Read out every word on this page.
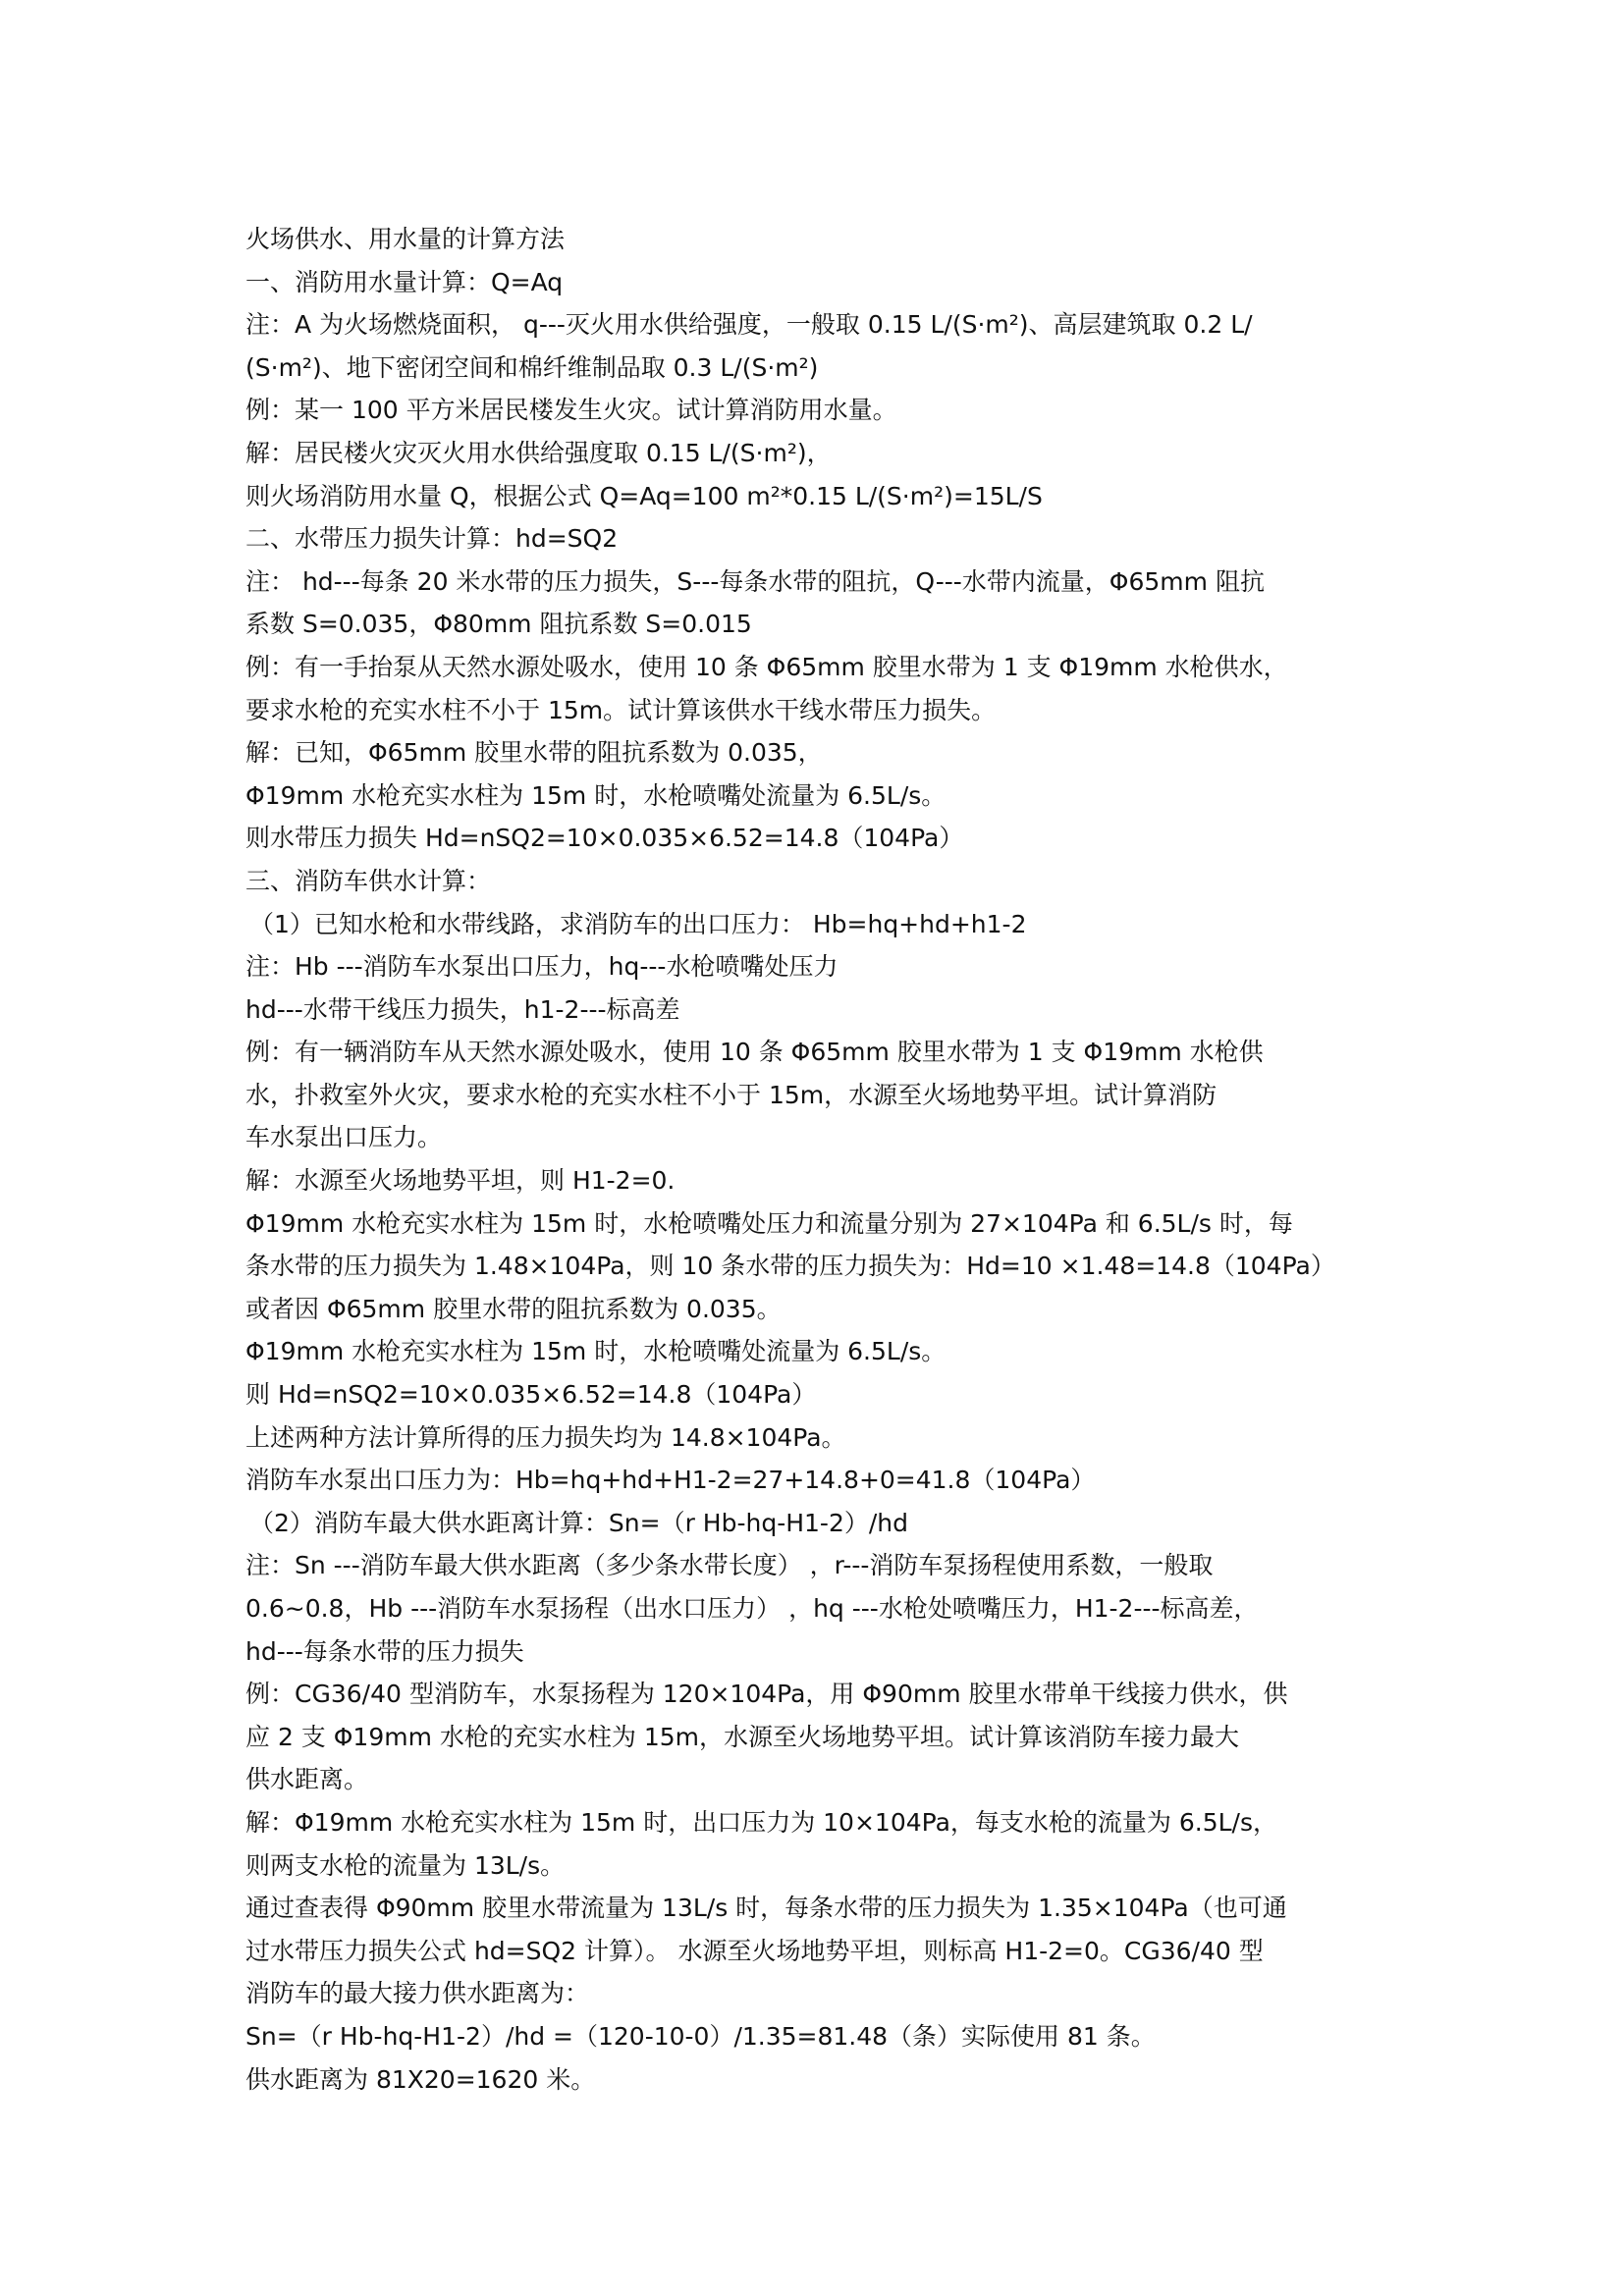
火场供水、用水量的计算方法
一、消防用水量计算：Q=Aq
注：A 为火场燃烧面积， q---灭火用水供给强度，一般取 0.15 L/(S·m²)、高层建筑取 0.2 L/
(S·m²)、地下密闭空间和棉纤维制品取 0.3 L/(S·m²)
例：某一 100 平方米居民楼发生火灾。试计算消防用水量。
解：居民楼火灾灭火用水供给强度取 0.15 L/(S·m²)，
则火场消防用水量 Q，根据公式 Q=Aq=100 m²*0.15 L/(S·m²)=15L/S
二、水带压力损失计算：hd=SQ2
注： hd---每条 20 米水带的压力损失，S---每条水带的阻抗，Q---水带内流量，Φ65mm 阻抗
系数 S=0.035，Φ80mm 阻抗系数 S=0.015
例：有一手抬泵从天然水源处吸水，使用 10 条 Φ65mm 胶里水带为 1 支 Φ19mm 水枪供水，
要求水枪的充实水柱不小于 15m。试计算该供水干线水带压力损失。
解：已知，Φ65mm 胶里水带的阻抗系数为 0.035，
Φ19mm 水枪充实水柱为 15m 时，水枪喷嘴处流量为 6.5L/s。
则水带压力损失 Hd=nSQ2=10×0.035×6.52=14.8（104Pa）
三、消防车供水计算：
（1）已知水枪和水带线路，求消防车的出口压力： Hb=hq+hd+h1-2
注：Hb ---消防车水泵出口压力，hq---水枪喷嘴处压力
hd---水带干线压力损失，h1-2---标高差
例：有一辆消防车从天然水源处吸水，使用 10 条 Φ65mm 胶里水带为 1 支 Φ19mm 水枪供
水，扑救室外火灾，要求水枪的充实水柱不小于 15m，水源至火场地势平坦。试计算消防
车水泵出口压力。
解：水源至火场地势平坦，则 H1-2=0.
Φ19mm 水枪充实水柱为 15m 时，水枪喷嘴处压力和流量分别为 27×104Pa 和 6.5L/s 时，每
条水带的压力损失为 1.48×104Pa，则 10 条水带的压力损失为：Hd=10 ×1.48=14.8（104Pa）
或者因 Φ65mm 胶里水带的阻抗系数为 0.035。
Φ19mm 水枪充实水柱为 15m 时，水枪喷嘴处流量为 6.5L/s。
则 Hd=nSQ2=10×0.035×6.52=14.8（104Pa）
上述两种方法计算所得的压力损失均为 14.8×104Pa。
消防车水泵出口压力为：Hb=hq+hd+H1-2=27+14.8+0=41.8（104Pa）
（2）消防车最大供水距离计算：Sn=（r Hb-hq-H1-2）/hd
注：Sn ---消防车最大供水距离（多少条水带长度） ，r---消防车泵扬程使用系数，一般取
0.6~0.8，Hb ---消防车水泵扬程（出水口压力） ，hq ---水枪处喷嘴压力，H1-2---标高差，
hd---每条水带的压力损失
例：CG36/40 型消防车，水泵扬程为 120×104Pa，用 Φ90mm 胶里水带单干线接力供水，供
应 2 支 Φ19mm 水枪的充实水柱为 15m，水源至火场地势平坦。试计算该消防车接力最大
供水距离。
解：Φ19mm 水枪充实水柱为 15m 时，出口压力为 10×104Pa，每支水枪的流量为 6.5L/s，
则两支水枪的流量为 13L/s。
通过查表得 Φ90mm 胶里水带流量为 13L/s 时，每条水带的压力损失为 1.35×104Pa（也可通
过水带压力损失公式 hd=SQ2 计算）。 水源至火场地势平坦，则标高 H1-2=0。CG36/40 型
消防车的最大接力供水距离为：
Sn=（r Hb-hq-H1-2）/hd =（120-10-0）/1.35=81.48（条）实际使用 81 条。
供水距离为 81X20=1620 米。
